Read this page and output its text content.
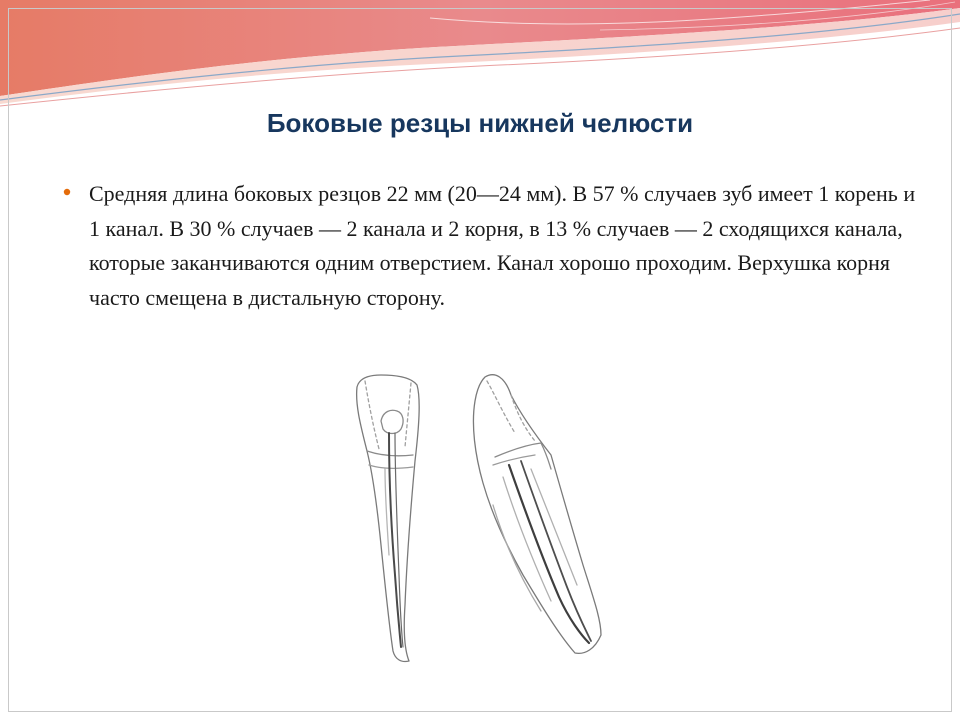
Боковые резцы нижней челюсти
Средняя длина боковых резцов 22 мм (20—24 мм). В 57 % случаев зуб имеет 1 корень и 1 канал. В 30 % случаев — 2 канала и 2 корня, в 13 % случаев — 2 сходящихся канала, которые заканчиваются одним отверстием. Канал хорошо проходим. Верхушка корня часто смещена в дистальную сторону.
